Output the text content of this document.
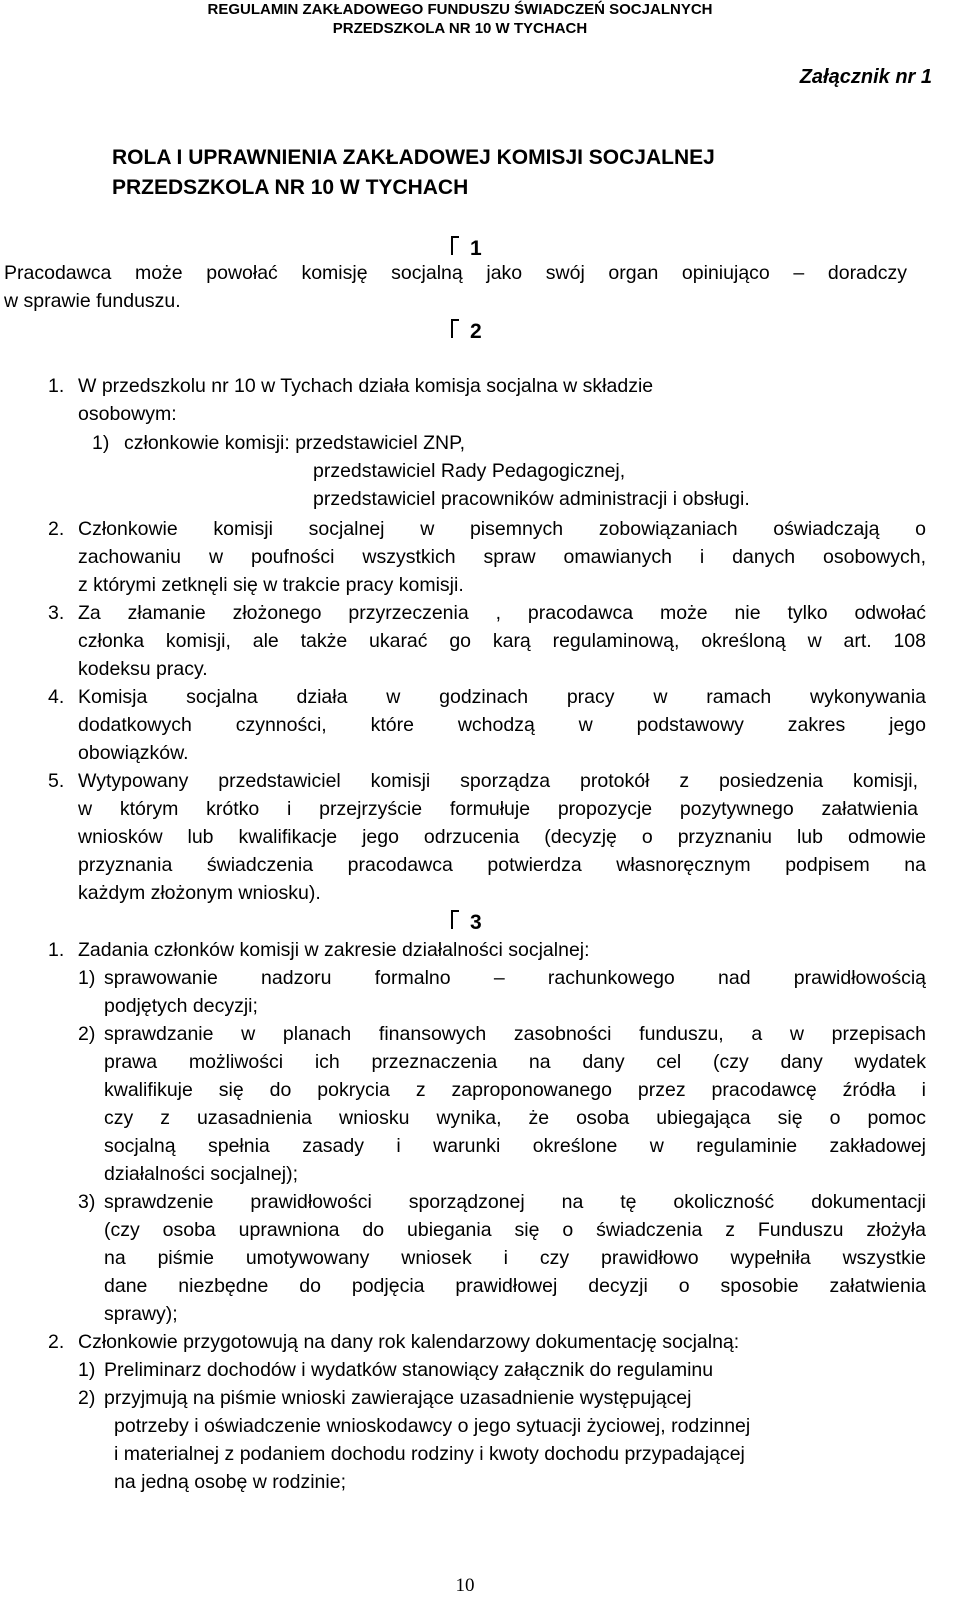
REGULAMIN ZAKŁADOWEGO FUNDUSZU ŚWIADCZEŃ SOCJALNYCH
PRZEDSZKOLA NR 10 W TYCHACH
Załącznik nr 1
ROLA I UPRAWNIENIA ZAKŁADOWEJ KOMISJI SOCJALNEJ
PRZEDSZKOLA NR 10 W TYCHACH
1
Pracodawca może powołać komisję socjalną jako swój organ opiniująco – doradczy
w sprawie funduszu.
2
1. W przedszkolu nr 10 w Tychach działa komisja socjalna w składzie
osobowym:
1) członkowie komisji: przedstawiciel ZNP,
przedstawiciel Rady Pedagogicznej,
przedstawiciel pracowników administracji i obsługi.
2. Członkowie komisji socjalnej w pisemnych zobowiązaniach oświadczają o
zachowaniu w poufności wszystkich spraw omawianych i danych osobowych,
z którymi zetknęli się w trakcie pracy komisji.
3. Za złamanie złożonego przyrzeczenia , pracodawca może nie tylko odwołać
członka komisji, ale także ukarać go karą regulaminową, określoną w art. 108
kodeksu pracy.
4. Komisja socjalna działa w godzinach pracy w ramach wykonywania
dodatkowych czynności, które wchodzą w podstawowy zakres jego
obowiązków.
5. Wytypowany przedstawiciel komisji sporządza protokół z posiedzenia komisji,
w którym krótko i przejrzyście formułuje propozycje pozytywnego załatwienia
wniosków lub kwalifikacje jego odrzucenia (decyzję o przyznaniu lub odmowie
przyznania świadczenia pracodawca potwierdza własnoręcznym podpisem na
każdym złożonym wniosku).
3
1. Zadania członków komisji w zakresie działalności socjalnej:
1) sprawowanie nadzoru formalno – rachunkowego nad prawidłowością
podjętych decyzji;
2) sprawdzanie w planach finansowych zasobności funduszu, a w przepisach
prawa możliwości ich przeznaczenia na dany cel (czy dany wydatek
kwalifikuje się do pokrycia z zaproponowanego przez pracodawcę źródła i
czy z uzasadnienia wniosku wynika, że osoba ubiegająca się o pomoc
socjalną spełnia zasady i warunki określone w regulaminie zakładowej
działalności socjalnej);
3) sprawdzenie prawidłowości sporządzonej na tę okoliczność dokumentacji
(czy osoba uprawniona do ubiegania się o świadczenia z Funduszu złożyła
na piśmie umotywowany wniosek i czy prawidłowo wypełniła wszystkie
dane niezbędne do podjęcia prawidłowej decyzji o sposobie załatwienia
sprawy);
2. Członkowie przygotowują na dany rok kalendarzowy dokumentację socjalną:
1) Preliminarz dochodów i wydatków stanowiący załącznik do regulaminu
2) przyjmują na piśmie wnioski zawierające uzasadnienie występującej
potrzeby i oświadczenie wnioskodawcy o jego sytuacji życiowej, rodzinnej
i materialnej z podaniem dochodu rodziny i kwoty dochodu przypadającej
na jedną osobę w rodzinie;
10
